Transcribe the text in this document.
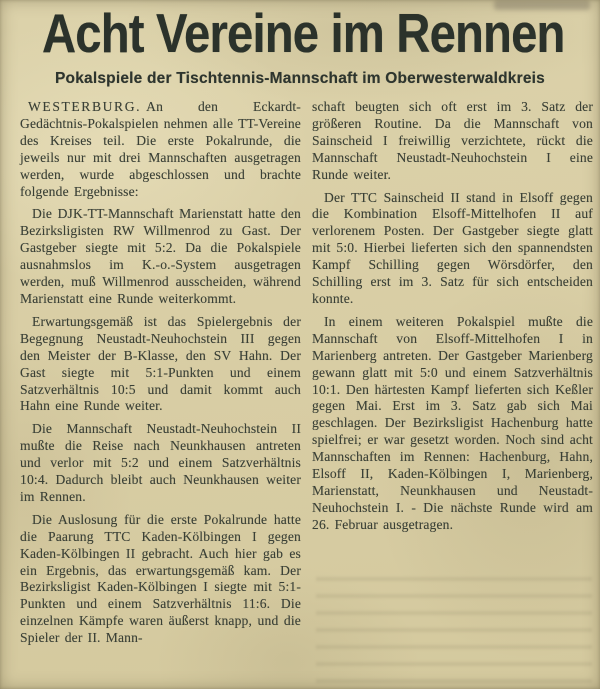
Acht Vereine im Rennen
Pokalspiele der Tischtennis-Mannschaft im Oberwesterwaldkreis

WESTERBURG. An den Eckardt-Gedächtnis-Pokalspielen nehmen alle TT-Vereine des Kreises teil. Die erste Pokalrunde, die jeweils nur mit drei Mannschaften ausgetragen werden, wurde abgeschlossen und brachte folgende Ergebnisse:

Die DJK-TT-Mannschaft Marienstatt hatte den Bezirksligisten RW Willmenrod zu Gast. Der Gastgeber siegte mit 5:2. Da die Pokalspiele ausnahmslos im K.-o.-System ausgetragen werden, muß Willmenrod ausscheiden, während Marienstatt eine Runde weiterkommt.

Erwartungsgemäß ist das Spielergebnis der Begegnung Neustadt-Neuhochstein III gegen den Meister der B-Klasse, den SV Hahn. Der Gast siegte mit 5:1-Punkten und einem Satzverhältnis 10:5 und damit kommt auch Hahn eine Runde weiter.

Die Mannschaft Neustadt-Neuhochstein II mußte die Reise nach Neunkhausen antreten und verlor mit 5:2 und einem Satzverhältnis 10:4. Dadurch bleibt auch Neunkhausen weiter im Rennen.

Die Auslosung für die erste Pokalrunde hatte die Paarung TTC Kaden-Kölbingen I gegen Kaden-Kölbingen II gebracht. Auch hier gab es ein Ergebnis, das erwartungsgemäß kam. Der Bezirksligist Kaden-Kölbingen I siegte mit 5:1-Punkten und einem Satzverhältnis 11:6. Die einzelnen Kämpfe waren äußerst knapp, und die Spieler der II. Mann-

schaft beugten sich oft erst im 3. Satz der größeren Routine. Da die Mannschaft von Sainscheid I freiwillig verzichtete, rückt die Mannschaft Neustadt-Neuhochstein I eine Runde weiter.

Der TTC Sainscheid II stand in Elsoff gegen die Kombination Elsoff-Mittelhofen II auf verlorenem Posten. Der Gastgeber siegte glatt mit 5:0. Hierbei lieferten sich den spannendsten Kampf Schilling gegen Wörsdörfer, den Schilling erst im 3. Satz für sich entscheiden konnte.

In einem weiteren Pokalspiel mußte die Mannschaft von Elsoff-Mittelhofen I in Marienberg antreten. Der Gastgeber Marienberg gewann glatt mit 5:0 und einem Satzverhältnis 10:1. Den härtesten Kampf lieferten sich Keßler gegen Mai. Erst im 3. Satz gab sich Mai geschlagen. Der Bezirksligist Hachenburg hatte spielfrei; er war gesetzt worden. Noch sind acht Mannschaften im Rennen: Hachenburg, Hahn, Elsoff II, Kaden-Kölbingen I, Marienberg, Marienstatt, Neunkhausen und Neustadt-Neuhochstein I. - Die nächste Runde wird am 26. Februar ausgetragen.
